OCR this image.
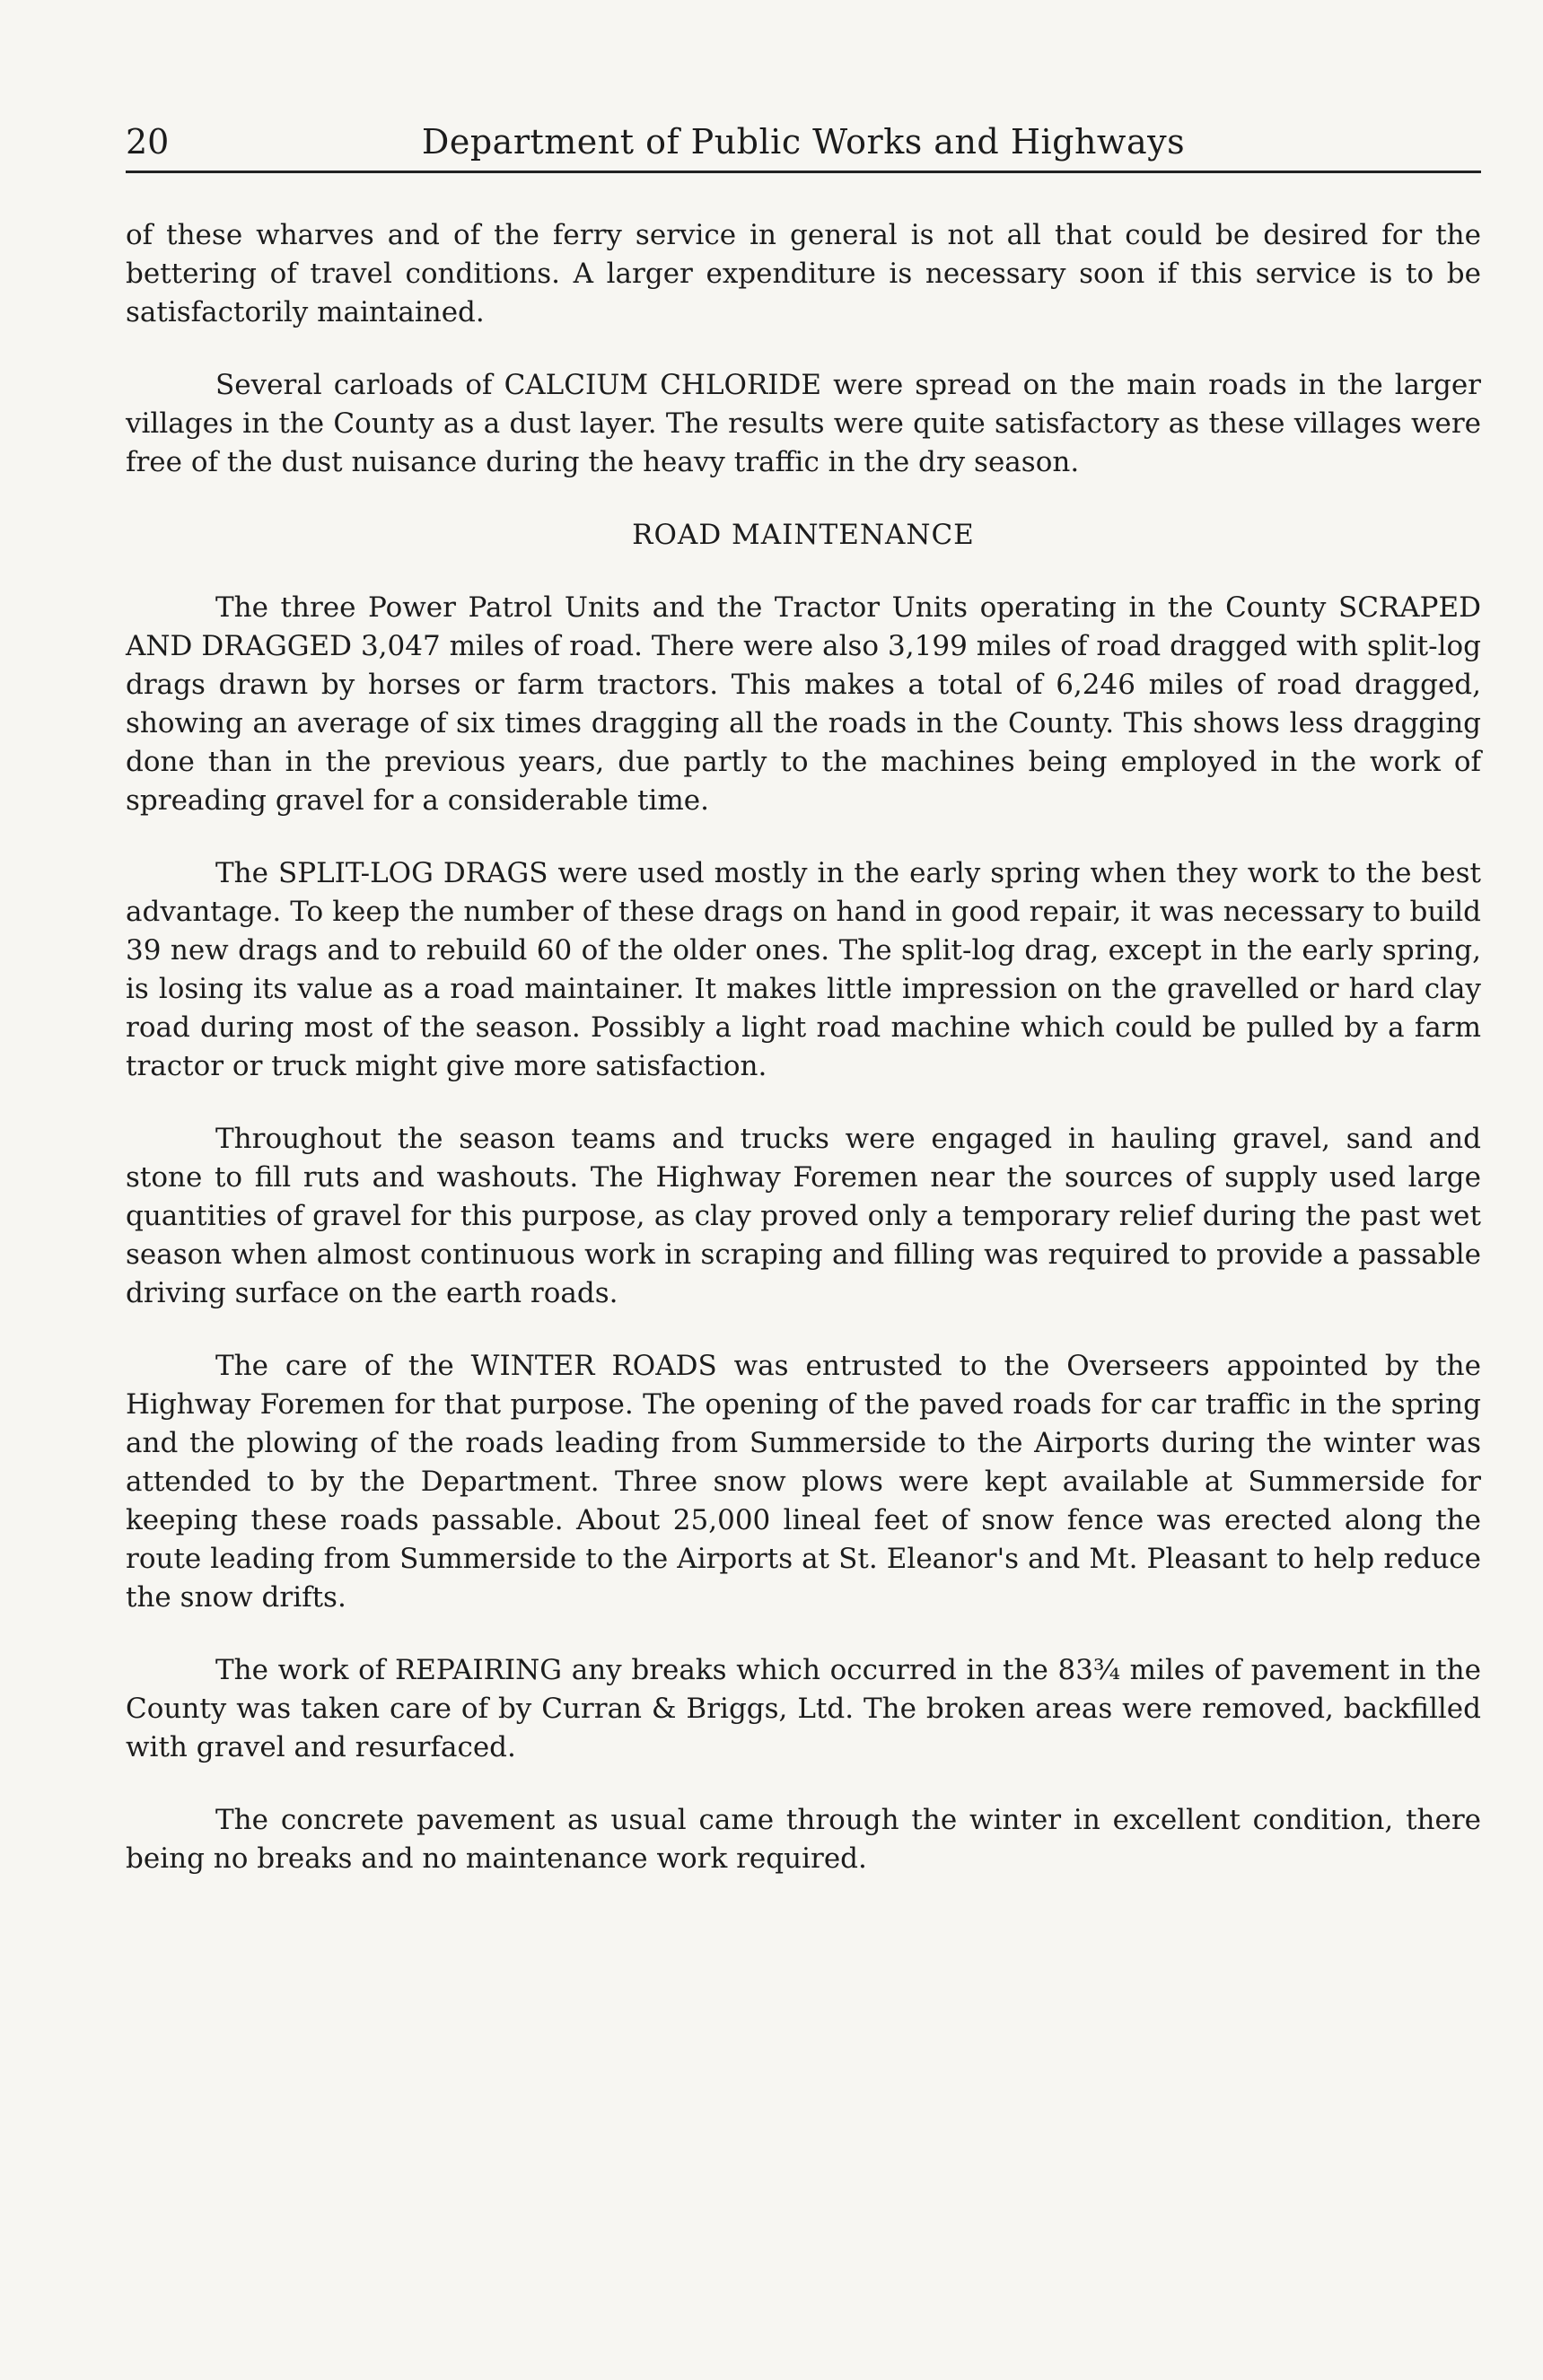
20	Department of Public Works and Highways

of these wharves and of the ferry service in general is not all that could be desired for the bettering of travel conditions. A larger expenditure is necessary soon if this service is to be satisfactorily maintained.

Several carloads of CALCIUM CHLORIDE were spread on the main roads in the larger villages in the County as a dust layer. The results were quite satisfactory as these villages were free of the dust nuisance during the heavy traffic in the dry season.

ROAD MAINTENANCE

The three Power Patrol Units and the Tractor Units operating in the County SCRAPED AND DRAGGED 3,047 miles of road. There were also 3,199 miles of road dragged with split-log drags drawn by horses or farm tractors. This makes a total of 6,246 miles of road dragged, showing an average of six times dragging all the roads in the County. This shows less dragging done than in the previous years, due partly to the machines being employed in the work of spreading gravel for a considerable time.

The SPLIT-LOG DRAGS were used mostly in the early spring when they work to the best advantage. To keep the number of these drags on hand in good repair, it was necessary to build 39 new drags and to rebuild 60 of the older ones. The split-log drag, except in the early spring, is losing its value as a road maintainer. It makes little impression on the gravelled or hard clay road during most of the season. Possibly a light road machine which could be pulled by a farm tractor or truck might give more satisfaction.

Throughout the season teams and trucks were engaged in hauling gravel, sand and stone to fill ruts and washouts. The Highway Foremen near the sources of supply used large quantities of gravel for this purpose, as clay proved only a temporary relief during the past wet season when almost continuous work in scraping and filling was required to provide a passable driving surface on the earth roads.

The care of the WINTER ROADS was entrusted to the Overseers appointed by the Highway Foremen for that purpose. The opening of the paved roads for car traffic in the spring and the plowing of the roads leading from Summerside to the Airports during the winter was attended to by the Department. Three snow plows were kept available at Summerside for keeping these roads passable. About 25,000 lineal feet of snow fence was erected along the route leading from Summerside to the Airports at St. Eleanor's and Mt. Pleasant to help reduce the snow drifts.

The work of REPAIRING any breaks which occurred in the 83¾ miles of pavement in the County was taken care of by Curran & Briggs, Ltd. The broken areas were removed, backfilled with gravel and resurfaced.

The concrete pavement as usual came through the winter in excellent condition, there being no breaks and no maintenance work required.
